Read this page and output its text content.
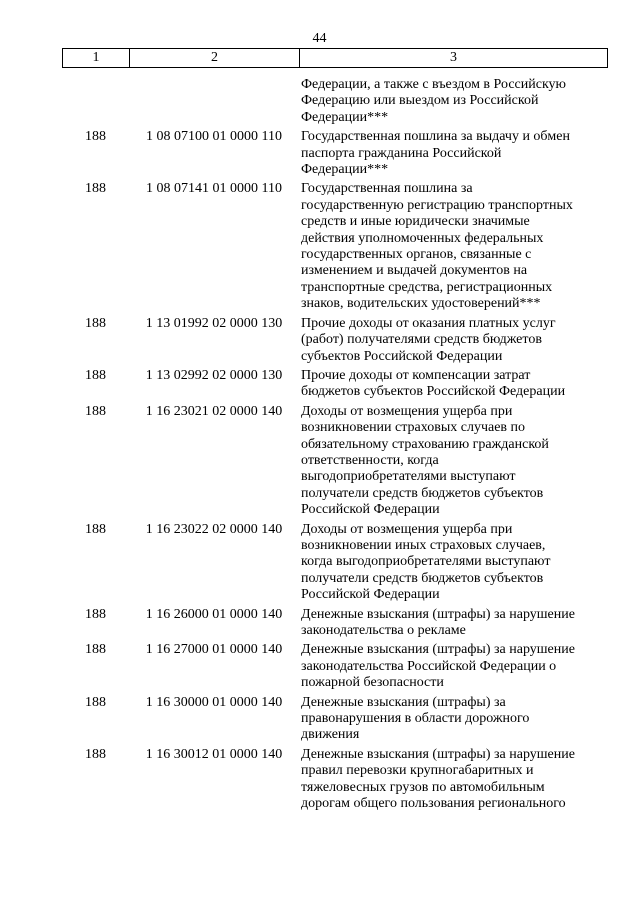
44
1	2	3
Федерации, а также с въездом в Российскую
Федерацию или выездом из Российской
Федерации***
188	1 08 07100 01 0000 110	Государственная пошлина за выдачу и обмен
паспорта гражданина Российской
Федерации***
188	1 08 07141 01 0000 110	Государственная пошлина за
государственную регистрацию транспортных
средств и иные юридически значимые
действия уполномоченных федеральных
государственных органов, связанные с
изменением и выдачей документов на
транспортные средства, регистрационных
знаков, водительских удостоверений***
188	1 13 01992 02 0000 130	Прочие доходы от оказания платных услуг
(работ) получателями средств бюджетов
субъектов Российской Федерации
188	1 13 02992 02 0000 130	Прочие доходы от компенсации затрат
бюджетов субъектов Российской Федерации
188	1 16 23021 02 0000 140	Доходы от возмещения ущерба при
возникновении страховых случаев по
обязательному страхованию гражданской
ответственности, когда
выгодоприобретателями выступают
получатели средств бюджетов субъектов
Российской Федерации
188	1 16 23022 02 0000 140	Доходы от возмещения ущерба при
возникновении иных страховых случаев,
когда выгодоприобретателями выступают
получатели средств бюджетов субъектов
Российской Федерации
188	1 16 26000 01 0000 140	Денежные взыскания (штрафы) за нарушение
законодательства о рекламе
188	1 16 27000 01 0000 140	Денежные взыскания (штрафы) за нарушение
законодательства Российской Федерации о
пожарной безопасности
188	1 16 30000 01 0000 140	Денежные взыскания (штрафы) за
правонарушения в области дорожного
движения
188	1 16 30012 01 0000 140	Денежные взыскания (штрафы) за нарушение
правил перевозки крупногабаритных и
тяжеловесных грузов по автомобильным
дорогам общего пользования регионального
